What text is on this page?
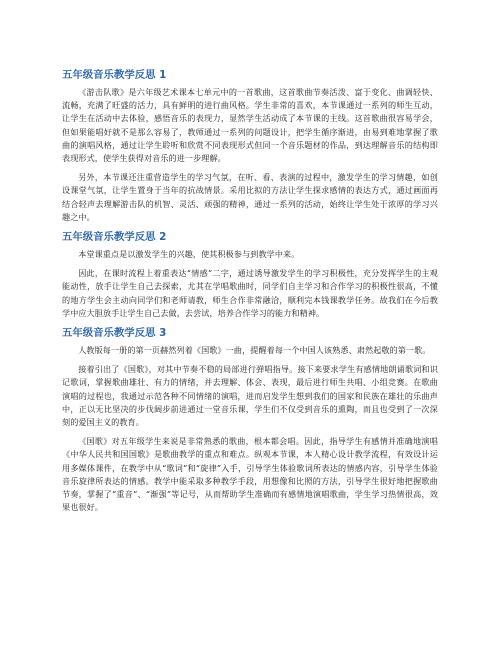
五年级音乐教学反思 1

《游击队歌》是六年级艺术课本七单元中的一首歌曲，这首歌曲节奏活泼、富于变化、曲调轻快、流畅，充满了旺盛的活力，具有鲜明的进行曲风格。学生非常的喜欢，本节课通过一系列的师生互动，让学生在活动中去体验，感悟音乐的表现力，显然学生活动成了本节课的主线。这首歌曲很容易学会，但如果能唱好就不是那么容易了，教师通过一系列的问题设计，把学生循序渐进，由易到难地掌握了歌曲的演唱风格，通过让学生聆听和欣赏不同表现形式但同一个音乐题材的作品，到达理解音乐的结构即表现形式，使学生获得对音乐的进一步理解。

另外，本节课还注重营造学生的学习气氛，在听、看、表演的过程中，激发学生的学习情趣，如创设课堂气氛，让学生置身于当年的抗战情景。采用比拟的方法让学生探求感情的表达方式，通过画面再结合轻声去理解游击队的机智、灵活、顽强的精神，通过一系列的活动，始终让学生处于浓厚的学习兴趣之中。

五年级音乐教学反思 2

本堂课重点是以激发学生的兴趣，使其积极参与到教学中来。

因此，在课时流程上着重表达“情感”二字，通过诱导激发学生的学习积极性，充分发挥学生的主观能动性，放手让学生自己去探索，尤其在学唱歌曲时，同学们自主学习和合作学习的积极性很高，不懂的地方学生会主动向同学们和老师请教，师生合作非常融洽，顺利完本钱课教学任务。故我们在今后教学中应大胆放手让学生自己去做，去尝试，培养合作学习的能力和精神。

五年级音乐教学反思 3

人教版每一册的第一页赫然列着《国歌》一曲，提醒着每一个中国人该熟悉、肃然起敬的第一歌。

接着引出了《国歌》，对其中节奏不稳的局部进行弹唱指导。接下来要求学生有感情地朗诵歌词和识记歌词，掌握歌曲雄壮、有力的情绪，并去理解、体会、表现，最后进行师生共唱、小组竞赛。在歌曲演唱的过程也，我通过示范各种不同情绪的演唱，进而启发学生想到我们的国家和民族在雄壮的乐曲声中，正以无比坚决的步伐阔步前进通过一堂音乐课，学生们不仅受到音乐的熏陶，而且也受到了一次深刻的爱国主义的教育。

《国歌》对五年级学生来说是非常熟悉的歌曲，根本都会唱。因此，指导学生有感情并准确地演唱《中华人民共和国国歌》是歌曲教学的重点和难点。纵观本节课，本人精心设计教学流程，有效设计运用多媒体课件，在教学中从“歌词”和“旋律”入手，引导学生体验歌词所表达的情感内容，引导学生体验音乐旋律所表达的情感。教学中能采取多种教学手段，用想像和比照的方法，引导学生很好地把握歌曲节奏，掌握了“重音”、“渐强”等记号，从而帮助学生准确而有感情地演唱歌曲，学生学习热情很高，效果也很好。
